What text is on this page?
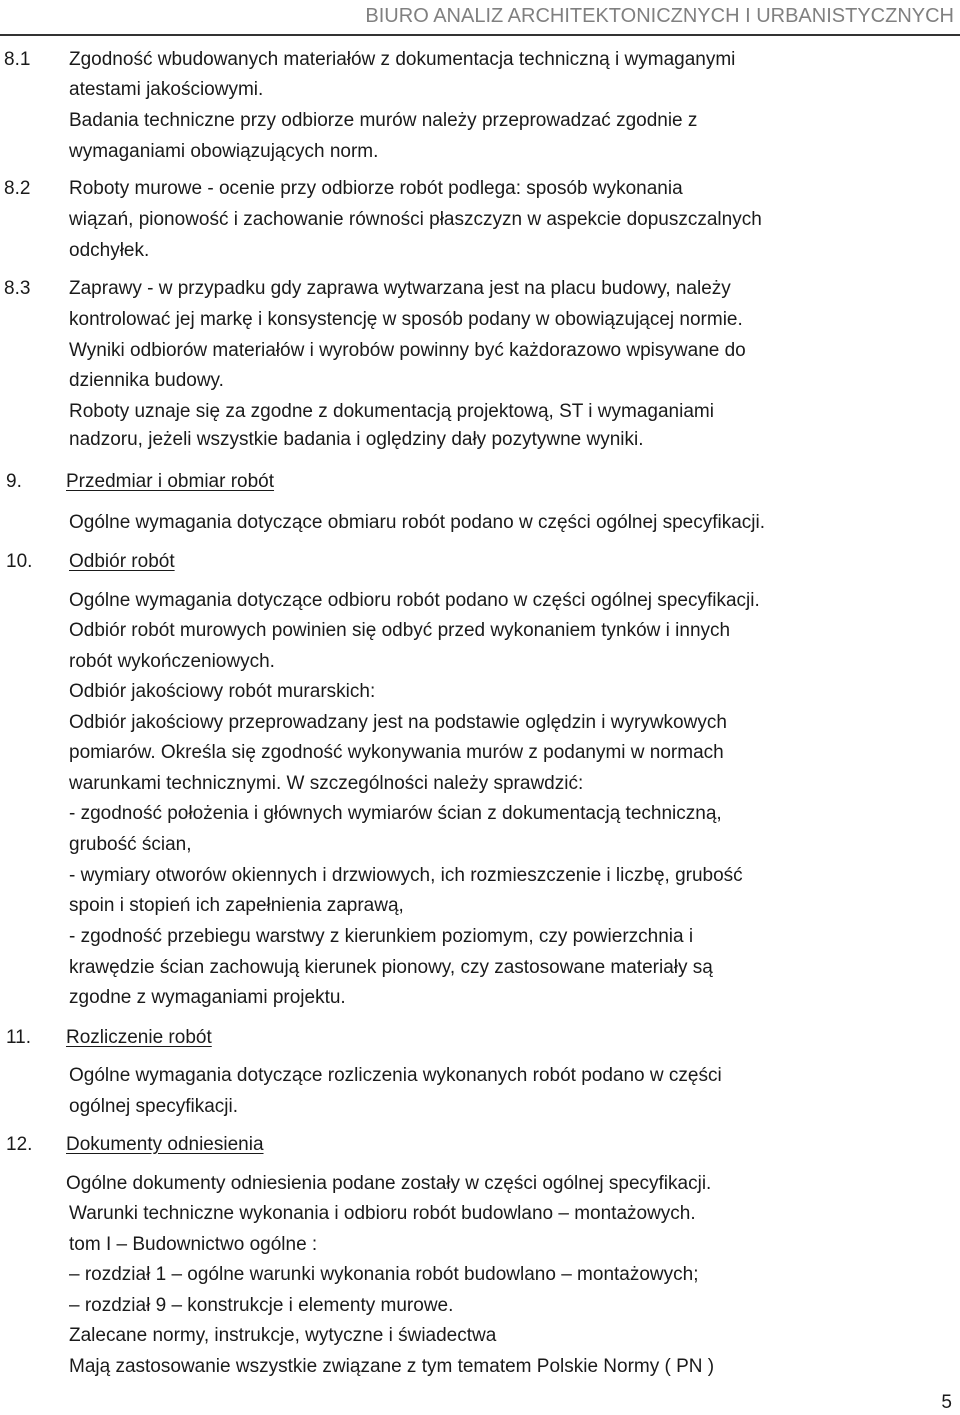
BIURO ANALIZ ARCHITEKTONICZNYCH I URBANISTYCZNYCH
8.1 Zgodność wbudowanych materiałów z dokumentacja techniczną i wymaganymi
atestami jakościowymi.
Badania techniczne przy odbiorze murów należy przeprowadzać zgodnie z
wymaganiami obowiązujących norm.
8.2 Roboty murowe - ocenie przy odbiorze robót podlega: sposób wykonania
wiązań, pionowość i zachowanie równości płaszczyzn w aspekcie dopuszczalnych
odchyłek.
8.3 Zaprawy - w przypadku gdy zaprawa wytwarzana jest na placu budowy, należy
kontrolować jej markę i konsystencję w sposób podany w obowiązującej normie.
Wyniki odbiorów materiałów i wyrobów powinny być każdorazowo wpisywane do
dziennika budowy.
Roboty uznaje się za zgodne z dokumentacją projektową, ST i wymaganiami
nadzoru, jeżeli wszystkie badania i oględziny dały pozytywne wyniki.
9. Przedmiar i obmiar robót
Ogólne wymagania dotyczące obmiaru robót podano w części ogólnej specyfikacji.
10. Odbiór robót
Ogólne wymagania dotyczące odbioru robót podano w części ogólnej specyfikacji.
Odbiór robót murowych powinien się odbyć przed wykonaniem tynków i innych
robót wykończeniowych.
Odbiór jakościowy robót murarskich:
Odbiór jakościowy przeprowadzany jest na podstawie oględzin i wyrywkowych
pomiarów. Określa się zgodność wykonywania murów z podanymi w normach
warunkami technicznymi. W szczególności należy sprawdzić:
- zgodność położenia i głównych wymiarów ścian z dokumentacją techniczną,
grubość ścian,
- wymiary otworów okiennych i drzwiowych, ich rozmieszczenie i liczbę, grubość
spoin i stopień ich zapełnienia zaprawą,
- zgodność przebiegu warstwy z kierunkiem poziomym, czy powierzchnia i
krawędzie ścian zachowują kierunek pionowy, czy zastosowane materiały są
zgodne z wymaganiami projektu.
11. Rozliczenie robót
Ogólne wymagania dotyczące rozliczenia wykonanych robót podano w części
ogólnej specyfikacji.
12. Dokumenty odniesienia
Ogólne dokumenty odniesienia podane zostały w części ogólnej specyfikacji.
Warunki techniczne wykonania i odbioru robót budowlano – montażowych.
tom I – Budownictwo ogólne :
– rozdział 1 – ogólne warunki wykonania robót budowlano – montażowych;
– rozdział 9 – konstrukcje i elementy murowe.
Zalecane normy, instrukcje, wytyczne i świadectwa
Mają zastosowanie wszystkie związane z tym tematem Polskie Normy ( PN )
5
